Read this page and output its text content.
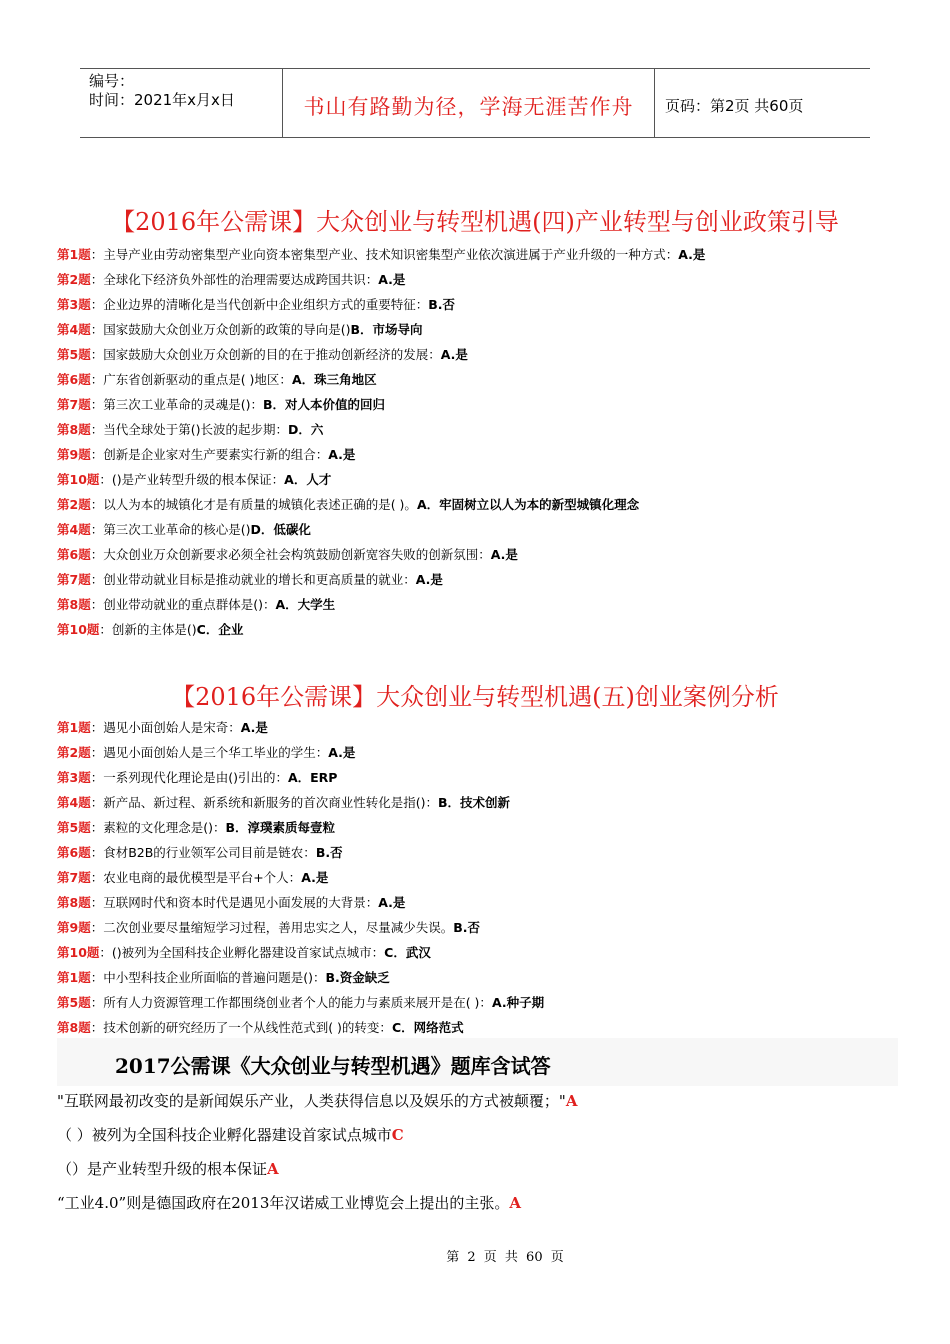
编号：
时间：2021年x月x日	书山有路勤为径，学海无涯苦作舟	页码：第2页 共60页
【2016年公需课】大众创业与转型机遇(四)产业转型与创业政策引导
第1题：主导产业由劳动密集型产业向资本密集型产业、技术知识密集型产业依次演进属于产业升级的一种方式：A.是
第2题：全球化下经济负外部性的治理需要达成跨国共识：A.是
第3题：企业边界的清晰化是当代创新中企业组织方式的重要特征：B.否
第4题：国家鼓励大众创业万众创新的政策的导向是()B．市场导向
第5题：国家鼓励大众创业万众创新的目的在于推动创新经济的发展：A.是
第6题：广东省创新驱动的重点是( )地区：A．珠三角地区
第7题：第三次工业革命的灵魂是()：B．对人本价值的回归
第8题：当代全球处于第()长波的起步期：D．六
第9题：创新是企业家对生产要素实行新的组合：A.是
第10题：()是产业转型升级的根本保证：A．人才
第2题：以人为本的城镇化才是有质量的城镇化表述正确的是( )。A．牢固树立以人为本的新型城镇化理念
第4题：第三次工业革命的核心是()D．低碳化
第6题：大众创业万众创新要求必须全社会构筑鼓励创新宽容失败的创新氛围：A.是
第7题：创业带动就业目标是推动就业的增长和更高质量的就业：A.是
第8题：创业带动就业的重点群体是()：A．大学生
第10题：创新的主体是()C．企业
【2016年公需课】大众创业与转型机遇(五)创业案例分析
第1题：遇见小面创始人是宋奇：A.是
第2题：遇见小面创始人是三个华工毕业的学生：A.是
第3题：一系列现代化理论是由()引出的：A．ERP
第4题：新产品、新过程、新系统和新服务的首次商业性转化是指()：B．技术创新
第5题：素粒的文化理念是()：B．淳璞素质每壹粒
第6题：食材B2B的行业领军公司目前是链农：B.否
第7题：农业电商的最优模型是平台+个人：A.是
第8题：互联网时代和资本时代是遇见小面发展的大背景：A.是
第9题：二次创业要尽量缩短学习过程，善用忠实之人，尽量减少失误。B.否
第10题：()被列为全国科技企业孵化器建设首家试点城市：C．武汉
第1题：中小型科技企业所面临的普遍问题是()：B.资金缺乏
第5题：所有人力资源管理工作都围绕创业者个人的能力与素质来展开是在( )：A.种子期
第8题：技术创新的研究经历了一个从线性范式到( )的转变：C．网络范式
2017公需课《大众创业与转型机遇》题库含试答
"互联网最初改变的是新闻娱乐产业，人类获得信息以及娱乐的方式被颠覆；"A
（ ）被列为全国科技企业孵化器建设首家试点城市C
（）是产业转型升级的根本保证A
“工业4.0”则是德国政府在2013年汉诺威工业博览会上提出的主张。A
第 2 页 共 60 页
